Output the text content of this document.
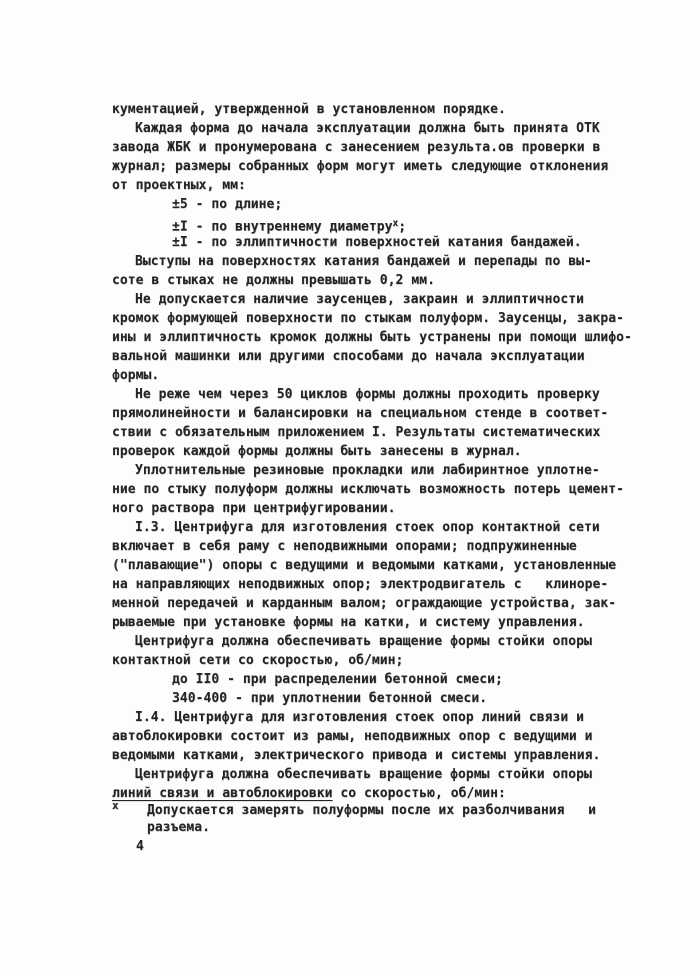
кументацией, утвержденной в установленном порядке.
Каждая форма до начала эксплуатации должна быть принята ОТК
завода ЖБК и пронумерована с занесением результа.ов проверки в
журнал; размеры собранных форм могут иметь следующие отклонения
от проектных, мм:
±5 - по длине;
±I - по внутреннему диаметру$^x$;
±I - по эллиптичности поверхностей катания бандажей.
Выступы на поверхностях катания бандажей и перепады по вы-
соте в стыках не должны превышать 0,2 мм.
Не допускается наличие заусенцев, закраин и эллиптичности
кромок формующей поверхности по стыкам полуформ. Заусенцы, закра-
ины и эллиптичность кромок должны быть устранены при помощи шлифо-
вальной машинки или другими способами до начала эксплуатации
формы.
Не реже чем через 50 циклов формы должны проходить проверку
прямолинейности и балансировки на специальном стенде в соответ-
ствии с обязательным приложением I. Результаты систематических
проверок каждой формы должны быть занесены в журнал.
Уплотнительные резиновые прокладки или лабиринтное уплотне-
ние по стыку полуформ должны исключать возможность потерь цемент-
ного раствора при центрифугировании.
I.3. Центрифуга для изготовления стоек опор контактной сети
включает в себя раму с неподвижными опорами; подпружиненные
("плавающие") опоры с ведущими и ведомыми катками, установленные
на направляющих неподвижных опор; электродвигатель с   клиноре-
менной передачей и карданным валом; ограждающие устройства, зак-
рываемые при установке формы на катки, и систему управления.
Центрифуга должна обеспечивать вращение формы стойки опоры
контактной сети со скоростью, об/мин;
до II0 - при распределении бетонной смеси;
340-400 - при уплотнении бетонной смеси.
I.4. Центрифуга для изготовления стоек опор линий связи и
автоблокировки состоит из рамы, неподвижных опор с ведущими и
ведомыми катками, электрического привода и системы управления.
Центрифуга должна обеспечивать вращение формы стойки опоры
линий связи и автоблокировки со скоростью, об/мин:
x Допускается замерять полуформы после их разболчивания   и
разъема.
4
